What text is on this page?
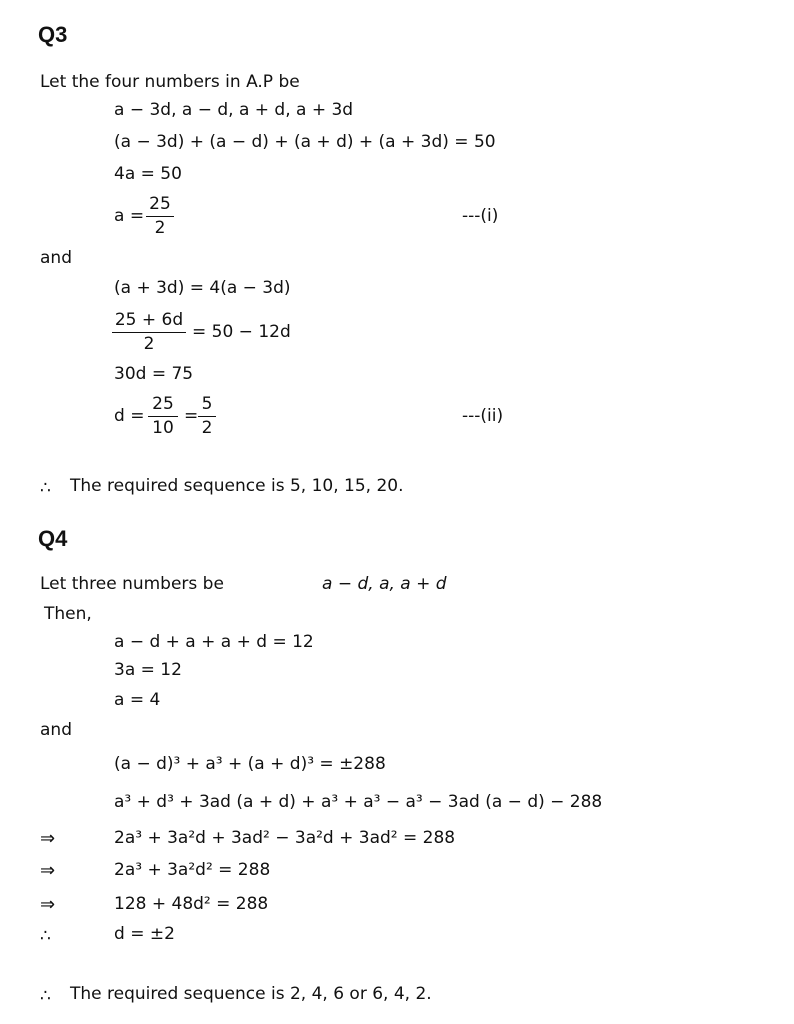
Q3
Let the four numbers in A.P be
a − 3d, a − d, a + d, a + 3d
(a − 3d) + (a − d) + (a + d) + (a + 3d) = 50
4a = 50
$a = \frac{25}{2}$	---(i)
and
(a + 3d) = 4(a − 3d)
$\frac{25 + 6d}{2} = 50 - 12d$
30d = 75
$d = \frac{25}{10} = \frac{5}{2}$	---(ii)
∴ The required sequence is 5, 10, 15, 20.
Q4
Let three numbers be	a − d, a, a + d
Then,
a − d + a + a + d = 12
3a = 12
a = 4
and
(a − d)³ + a³ + (a + d)³ = ±288
a³ + d³ + 3ad (a + d) + a³ + a³ − a³ − 3ad (a − d) − 288
⇒	2a³ + 3a²d + 3ad² − 3a²d + 3ad² = 288
⇒	2a³ + 3a²d² = 288
⇒	128 + 48d² = 288
∴	d = ±2
∴ The required sequence is 2, 4, 6 or 6, 4, 2.
